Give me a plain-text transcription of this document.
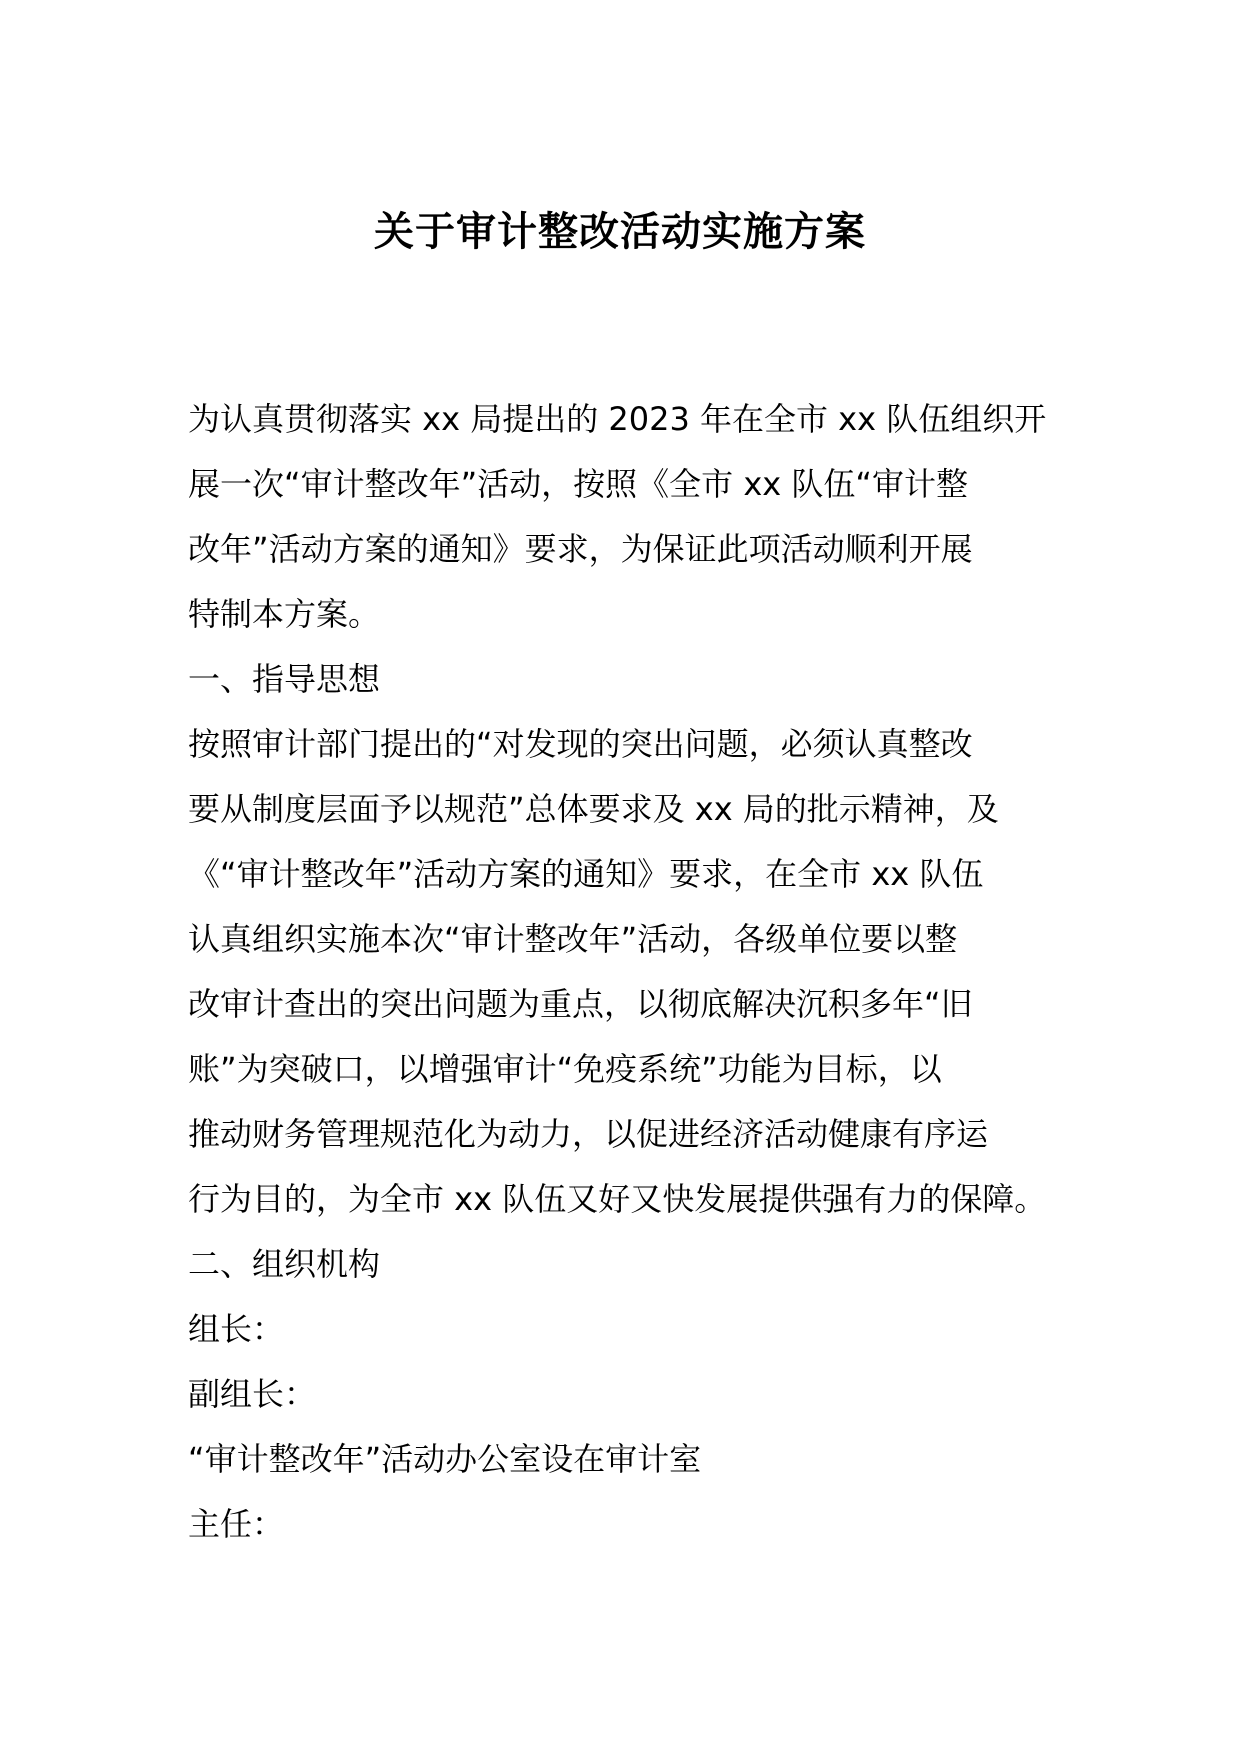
关于审计整改活动实施方案

为认真贯彻落实 xx 局提出的 2023 年在全市 xx 队伍组织开
展一次“审计整改年”活动，按照《全市 xx 队伍“审计整
改年”活动方案的通知》要求，为保证此项活动顺利开展
特制本方案。

一、指导思想

按照审计部门提出的“对发现的突出问题，必须认真整改
要从制度层面予以规范”总体要求及 xx 局的批示精神，及
《“审计整改年”活动方案的通知》要求，在全市 xx 队伍
认真组织实施本次“审计整改年”活动，各级单位要以整
改审计查出的突出问题为重点，以彻底解决沉积多年“旧
账”为突破口，以增强审计“免疫系统”功能为目标，以
推动财务管理规范化为动力，以促进经济活动健康有序运
行为目的，为全市 xx 队伍又好又快发展提供强有力的保障。

二、组织机构

组长：

副组长：

“审计整改年”活动办公室设在审计室

主任：
